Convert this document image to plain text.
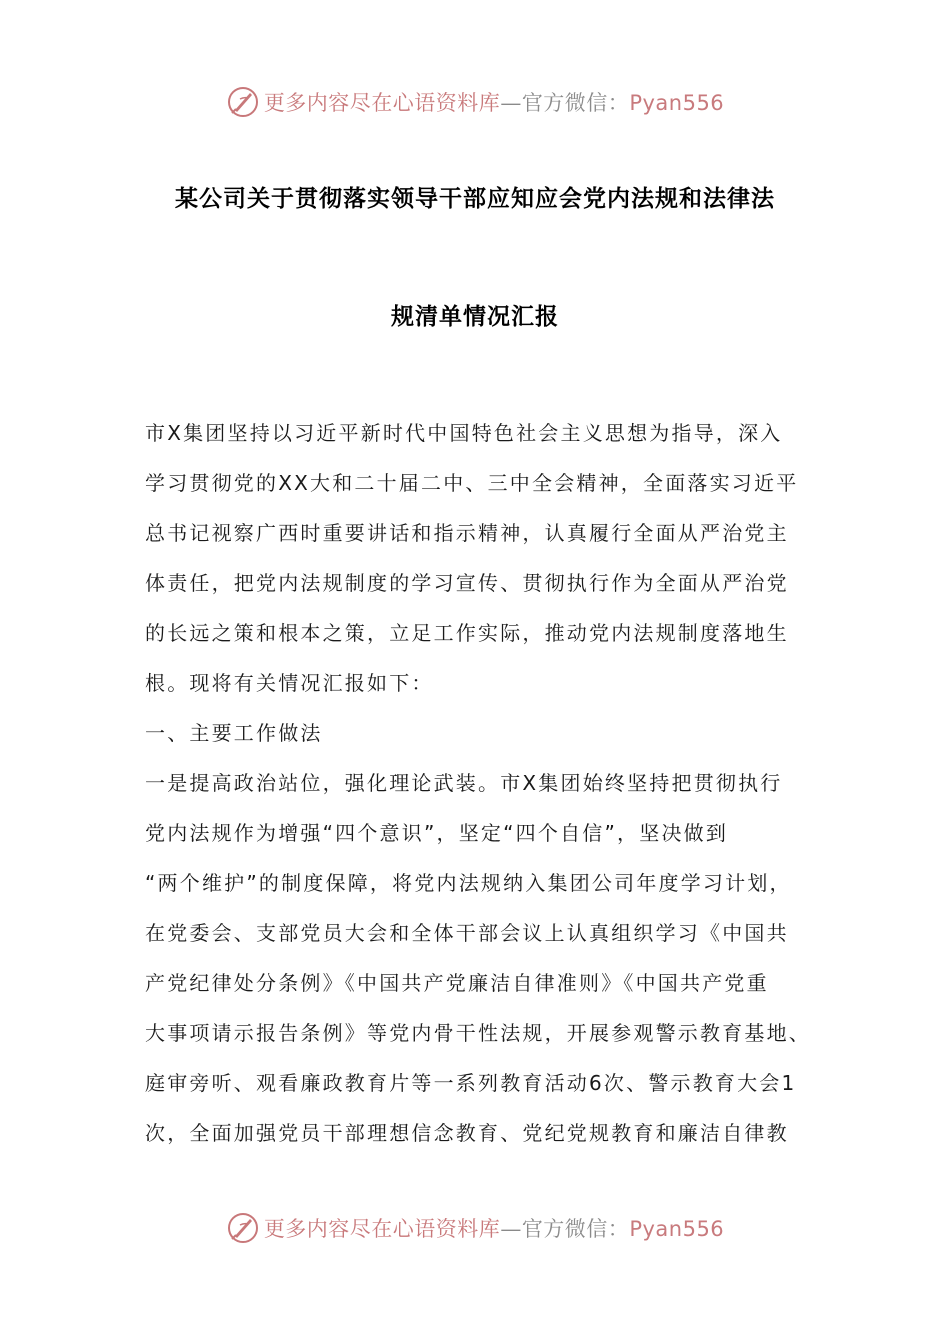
更多内容尽在心语资料库—官方微信：Pyan556
某公司关于贯彻落实领导干部应知应会党内法规和法律法
规清单情况汇报
市X集团坚持以习近平新时代中国特色社会主义思想为指导，深入
学习贯彻党的XX大和二十届二中、三中全会精神，全面落实习近平
总书记视察广西时重要讲话和指示精神，认真履行全面从严治党主
体责任，把党内法规制度的学习宣传、贯彻执行作为全面从严治党
的长远之策和根本之策，立足工作实际，推动党内法规制度落地生
根。现将有关情况汇报如下：
一、主要工作做法
一是提高政治站位，强化理论武装。市X集团始终坚持把贯彻执行
党内法规作为增强“四个意识”，坚定“四个自信”，坚决做到
“两个维护”的制度保障，将党内法规纳入集团公司年度学习计划，
在党委会、支部党员大会和全体干部会议上认真组织学习《中国共
产党纪律处分条例》《中国共产党廉洁自律准则》《中国共产党重
大事项请示报告条例》等党内骨干性法规，开展参观警示教育基地、
庭审旁听、观看廉政教育片等一系列教育活动6次、警示教育大会1
次，全面加强党员干部理想信念教育、党纪党规教育和廉洁自律教
更多内容尽在心语资料库—官方微信：Pyan556
